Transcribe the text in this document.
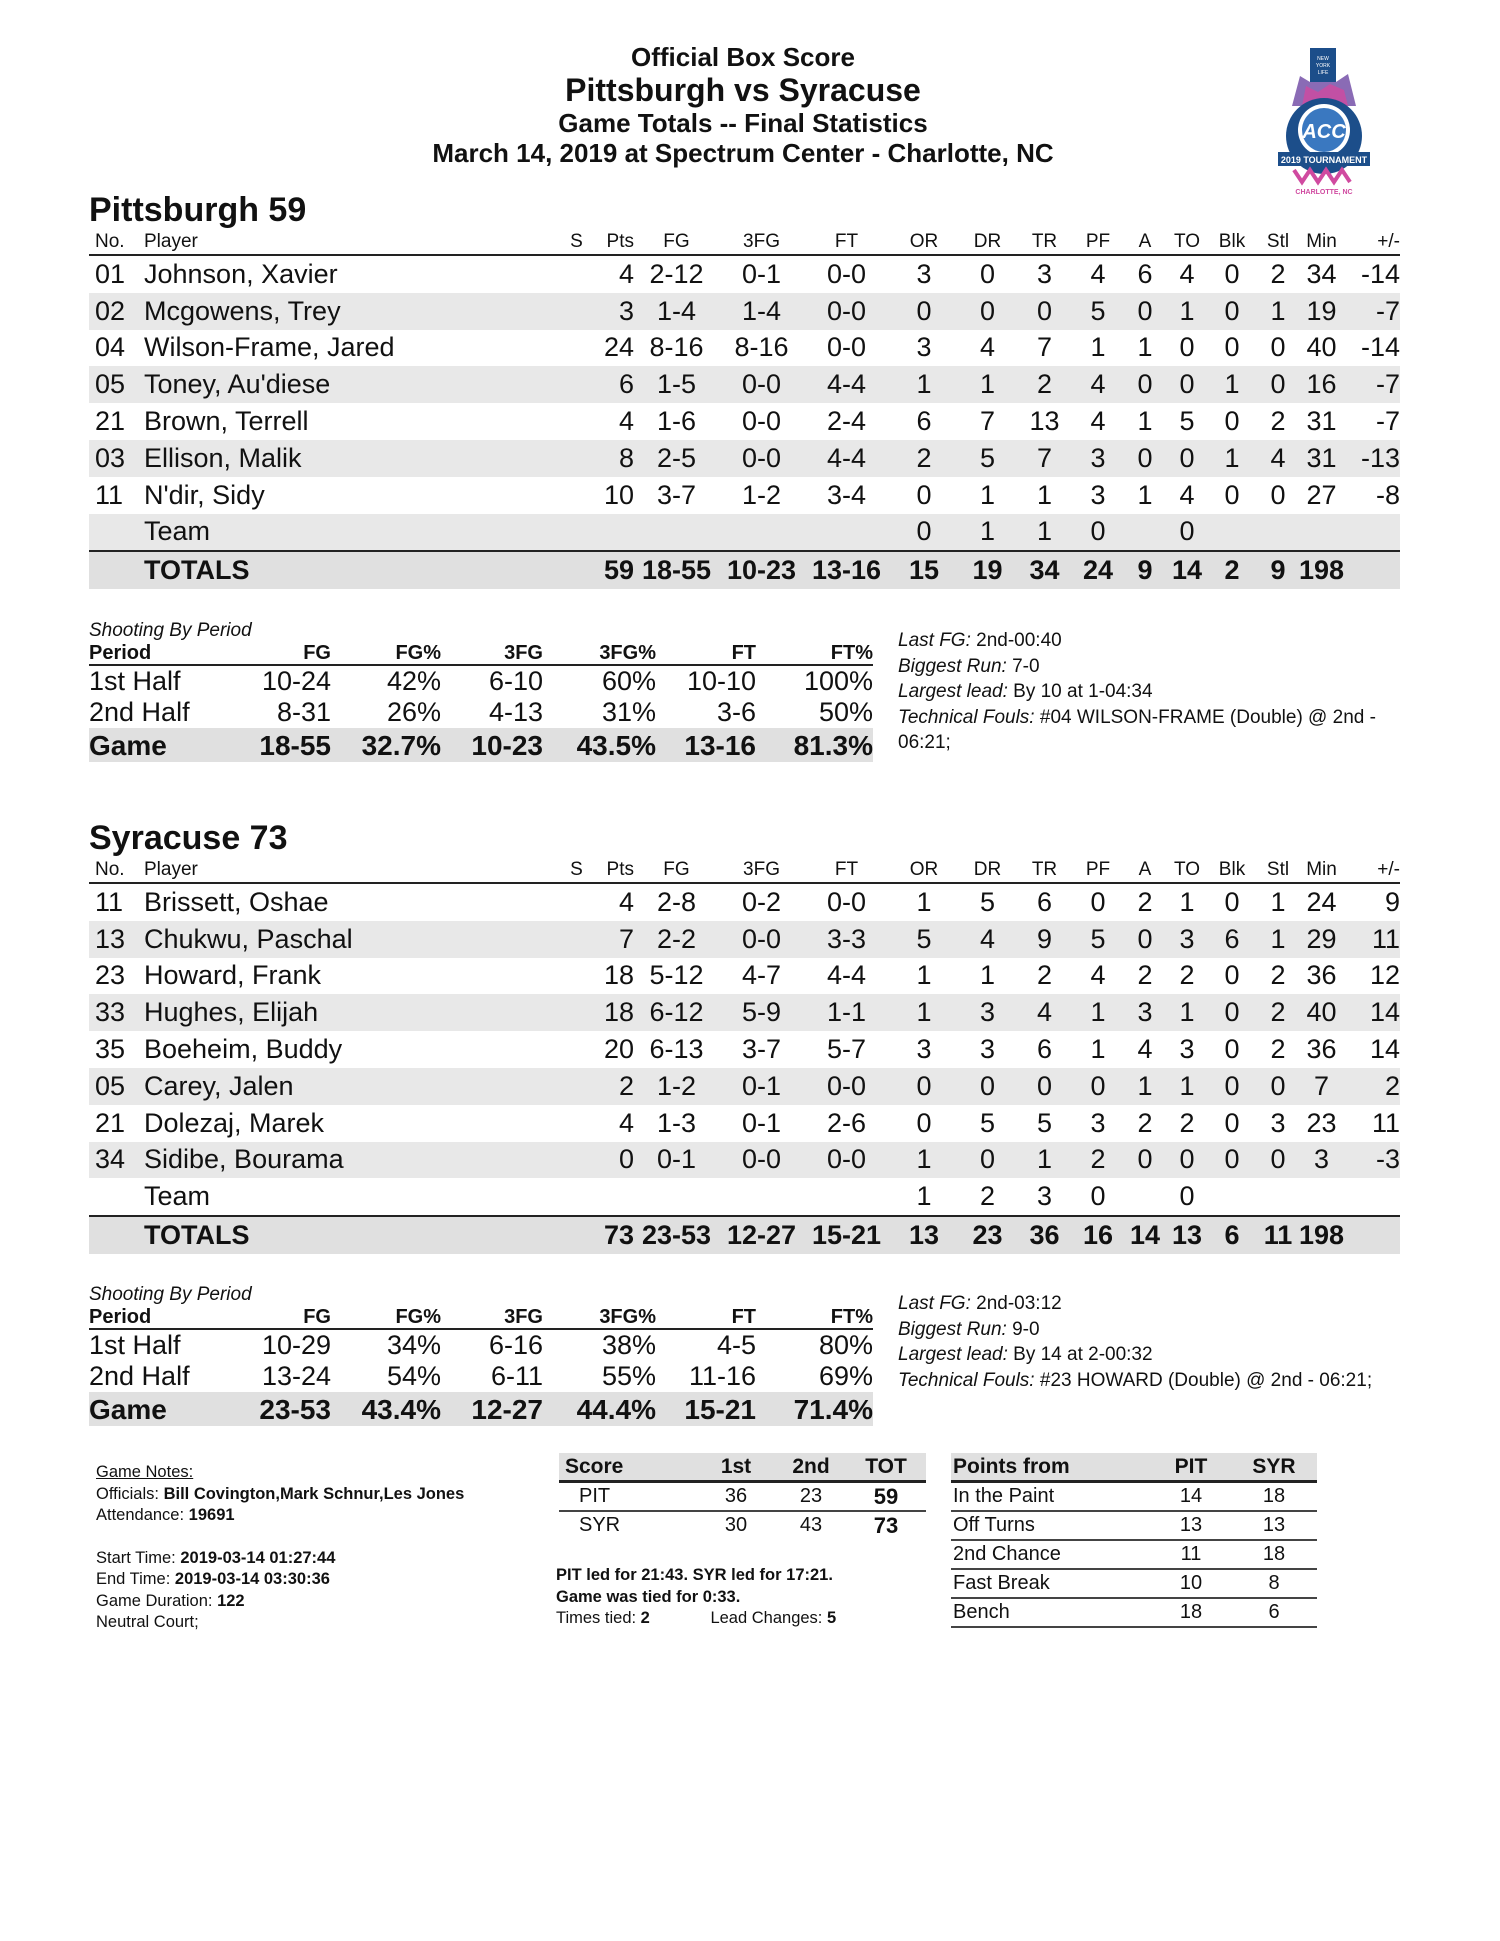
Official Box Score
Pittsburgh vs Syracuse
Game Totals -- Final Statistics
March 14, 2019 at Spectrum Center - Charlotte, NC
NEW
YORK
LIFE
ACC
2019 TOURNAMENT
CHARLOTTE, NC
Pittsburgh 59
No.	Player	S	Pts	FG	3FG	FT	OR	DR	TR	PF	A	TO	Blk	Stl	Min	+/-
01	Johnson, Xavier		4	2-12	0-1	0-0	3	0	3	4	6	4	0	2	34	-14
02	Mcgowens, Trey		3	1-4	1-4	0-0	0	0	0	5	0	1	0	1	19	-7
04	Wilson-Frame, Jared		24	8-16	8-16	0-0	3	4	7	1	1	0	0	0	40	-14
05	Toney, Au'diese		6	1-5	0-0	4-4	1	1	2	4	0	0	1	0	16	-7
21	Brown, Terrell		4	1-6	0-0	2-4	6	7	13	4	1	5	0	2	31	-7
03	Ellison, Malik		8	2-5	0-0	4-4	2	5	7	3	0	0	1	4	31	-13
11	N'dir, Sidy		10	3-7	1-2	3-4	0	1	1	3	1	4	0	0	27	-8
	Team						0	1	1	0		0				
	TOTALS		59	18-55	10-23	13-16	15	19	34	24	9	14	2	9	198	
Shooting By Period
Period	FG	FG%	3FG	3FG%	FT	FT%
1st Half	10-24	42%	6-10	60%	10-10	100%
2nd Half	8-31	26%	4-13	31%	3-6	50%
Game	18-55	32.7%	10-23	43.5%	13-16	81.3%
Last FG: 2nd-00:40
Biggest Run: 7-0
Largest lead: By 10 at 1-04:34
Technical Fouls: #04 WILSON-FRAME (Double) @ 2nd - 06:21;
Syracuse 73
No.	Player	S	Pts	FG	3FG	FT	OR	DR	TR	PF	A	TO	Blk	Stl	Min	+/-
11	Brissett, Oshae		4	2-8	0-2	0-0	1	5	6	0	2	1	0	1	24	9
13	Chukwu, Paschal		7	2-2	0-0	3-3	5	4	9	5	0	3	6	1	29	11
23	Howard, Frank		18	5-12	4-7	4-4	1	1	2	4	2	2	0	2	36	12
33	Hughes, Elijah		18	6-12	5-9	1-1	1	3	4	1	3	1	0	2	40	14
35	Boeheim, Buddy		20	6-13	3-7	5-7	3	3	6	1	4	3	0	2	36	14
05	Carey, Jalen		2	1-2	0-1	0-0	0	0	0	0	1	1	0	0	7	2
21	Dolezaj, Marek		4	1-3	0-1	2-6	0	5	5	3	2	2	0	3	23	11
34	Sidibe, Bourama		0	0-1	0-0	0-0	1	0	1	2	0	0	0	0	3	-3
	Team						1	2	3	0		0				
	TOTALS		73	23-53	12-27	15-21	13	23	36	16	14	13	6	11	198	
Shooting By Period
Period	FG	FG%	3FG	3FG%	FT	FT%
1st Half	10-29	34%	6-16	38%	4-5	80%
2nd Half	13-24	54%	6-11	55%	11-16	69%
Game	23-53	43.4%	12-27	44.4%	15-21	71.4%
Last FG: 2nd-03:12
Biggest Run: 9-0
Largest lead: By 14 at 2-00:32
Technical Fouls: #23 HOWARD (Double) @ 2nd - 06:21;
Game Notes:
Officials: Bill Covington,Mark Schnur,Les Jones
Attendance: 19691
Start Time: 2019-03-14 01:27:44
End Time: 2019-03-14 03:30:36
Game Duration: 122
Neutral Court;
Score	1st	2nd	TOT
PIT	36	23	59
SYR	30	43	73
PIT led for 21:43. SYR led for 17:21.
Game was tied for 0:33.
Times tied: 2	Lead Changes: 5
Points from	PIT	SYR
In the Paint	14	18
Off Turns	13	13
2nd Chance	11	18
Fast Break	10	8
Bench	18	6
